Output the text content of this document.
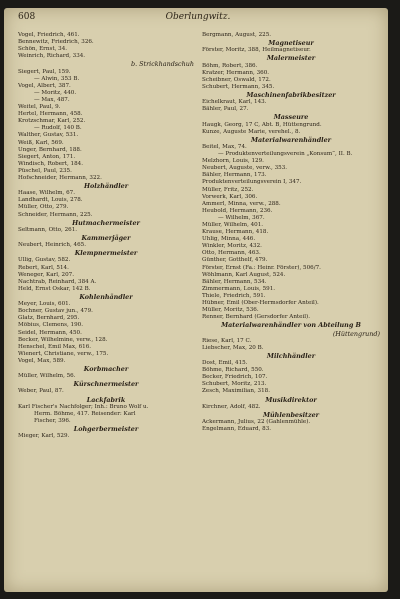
608	Oberlungwitz.
Vogel, Friedrich, 461.
Bennewitz, Friedrich, 326.
Schön, Ernst, 34.
Weinrich, Richard, 334.
b. Strickhandschuh
Siegert, Paul, 159.
— Alwin, 353 B.
Vogel, Albert, 387.
— Moritz, 440.
— Max, 487.
Weitel, Paul, 9.
Hertel, Hermann, 458.
Krotzschmar, Karl, 252.
— Rudolf, 140 B.
Walther, Gustav, 531.
Weiß, Karl, 569.
Unger, Bernhard, 188.
Siegert, Anton, 171.
Windisch, Robert, 184.
Püschel, Paul, 235.
Hofschneider, Hermann, 322.
Holzhändler
Haase, Wilhelm, 67.
Landhardt, Louis, 278.
Müller, Otto, 279.
Schneider, Hermann, 225.
Hutmachermeister
Seltmann, Otto, 261.
Kammerjäger
Neubert, Heinrich, 465.
Klempnermeister
Ullig, Gustav, 582.
Rebert, Karl, 514.
Weneger, Karl, 207.
Nachtrab, Reinhard, 384 A.
Held, Ernst Oskar, 142 B.
Kohlenhändler
Meyer, Louis, 601.
Bochner, Gustav jun., 479.
Glatz, Bernhard, 295.
Möbius, Clemens, 190.
Seidel, Hermann, 450.
Becker, Wilhelmine, verw., 128.
Henschel, Emil Max, 616.
Wienert, Christiane, verw., 175.
Vogel, Max, 589.
Korbmacher
Müller, Wilhelm, 56.
Kürschnermeister
Weber, Paul, 87.
Lackfabrik
Karl Fischer's Nachfolger; Inh.: Bruno Wolf u.
Herm. Böhme, 417. Reisender: Karl
Fischer, 396.
Lohgerbermeister
Mieger, Karl, 529.
Bergmann, August, 225.
Magnetiseur
Förster, Moritz, 388, Heilmagnetiseur.
Malermeister
Böhm, Robert, 386.
Kratzer, Hermann, 360.
Scheibner, Oswald, 172.
Schubert, Hermann, 345.
Maschinenfabrikbesitzer
Eichelkraut, Karl, 143.
Bähler, Paul, 27.
Masseure
Haugk, Georg, 17 C, Abt. B, Hüttengrund.
Kunze, Auguste Marie, verehel., 8.
Materialwarenhändler
Beitel, Max, 74.
— Produktenverteilungsverein „Konsum“, II. B.
Melzhorn, Louis, 129.
Neubert, Auguste, verw., 353.
Bähler, Hermann, 173.
Produktenverteilungsverein I, 347.
Müller, Fritz, 252.
Vorwerk, Karl, 306.
Ammerl, Minna, verw., 288.
Heubold, Hermann, 236.
— Wilhelm, 367.
Müller, Wilhelm, 401.
Krause, Hermann, 418.
Uhlig, Minna, 446.
Winkler, Moritz, 432.
Otto, Hermann, 463.
Günther, Gotthelf, 479.
Förster, Ernst (Fa.: Heinr. Förster), 506/7.
Wöhlmann, Karl August, 524.
Bähler, Hermann, 534.
Zimmermann, Louis, 591.
Thiele, Friedrich, 591.
Hübner, Emil (Ober-Hermsdorfer Anteil).
Müller, Moritz, 536.
Renner, Bernhard (Gersdorfer Anteil).
Materialwarenhändler von Abteilung B
(Hüttengrund)
Riese, Karl, 17 C.
Liebscher, Max, 20 B.
Milchhändler
Dost, Emil, 415.
Böhme, Richard, 550.
Becker, Friedrich, 107.
Schubert, Moritz, 213.
Zesch, Maximilian, 318.
Musikdirektor
Kirchner, Adolf, 482.
Mühlenbesitzer
Ackermann, Julius, 22 (Gahlenmühle).
Engelmann, Eduard, 83.
